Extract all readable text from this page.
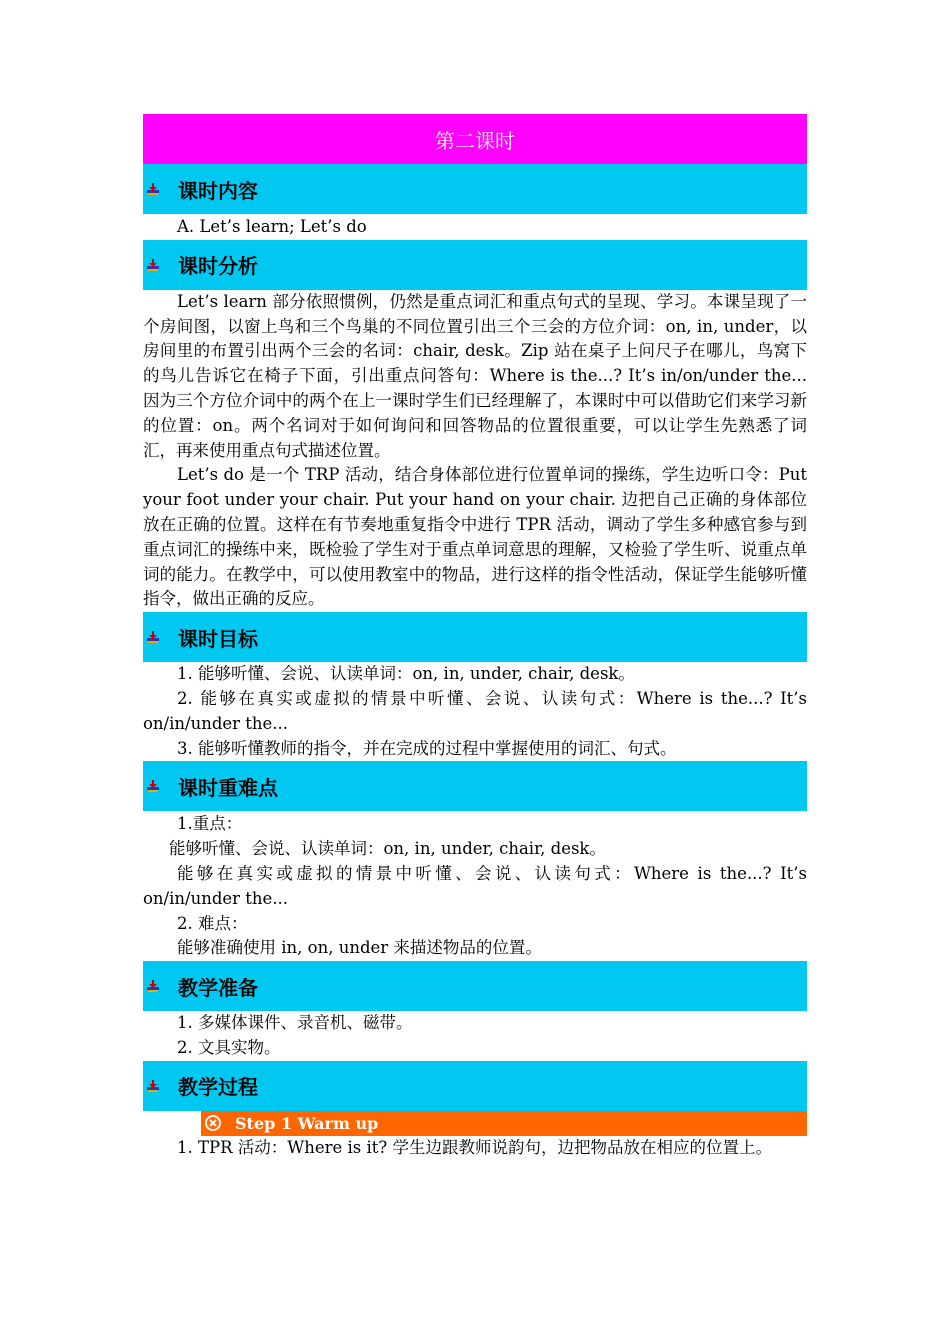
第二课时
课时内容

A. Let’s learn; Let’s do

课时分析

Let’s learn 部分依照惯例，仍然是重点词汇和重点句式的呈现、学习。本课呈现了一个房间图，以窗上鸟和三个鸟巢的不同位置引出三个三会的方位介词：on, in, under，以房间里的布置引出两个三会的名词：chair, desk。Zip 站在桌子上问尺子在哪儿，鸟窝下的鸟儿告诉它在椅子下面，引出重点问答句：Where is the...? It’s in/on/under the... 因为三个方位介词中的两个在上一课时学生们已经理解了，本课时中可以借助它们来学习新的位置：on。两个名词对于如何询问和回答物品的位置很重要，可以让学生先熟悉了词汇，再来使用重点句式描述位置。

Let’s do 是一个 TRP 活动，结合身体部位进行位置单词的操练，学生边听口令：Put your foot under your chair. Put your hand on your chair. 边把自己正确的身体部位放在正确的位置。这样在有节奏地重复指令中进行 TPR 活动，调动了学生多种感官参与到重点词汇的操练中来，既检验了学生对于重点单词意思的理解，又检验了学生听、说重点单词的能力。在教学中，可以使用教室中的物品，进行这样的指令性活动，保证学生能够听懂指令，做出正确的反应。

课时目标

1. 能够听懂、会说、认读单词：on, in, under, chair, desk。

2. 能够在真实或虚拟的情景中听懂、会说、认读句式：Where is the...? It’s on/in/under the...

3. 能够听懂教师的指令，并在完成的过程中掌握使用的词汇、句式。

课时重难点

1.重点：

能够听懂、会说、认读单词：on, in, under, chair, desk。

能够在真实或虚拟的情景中听懂、会说、认读句式：Where is the...? It’s on/in/under the...

2. 难点：

能够准确使用 in, on, under 来描述物品的位置。

教学准备

1. 多媒体课件、录音机、磁带。

2. 文具实物。

教学过程
Step 1 Warm up

1. TPR 活动：Where is it? 学生边跟教师说韵句，边把物品放在相应的位置上。
